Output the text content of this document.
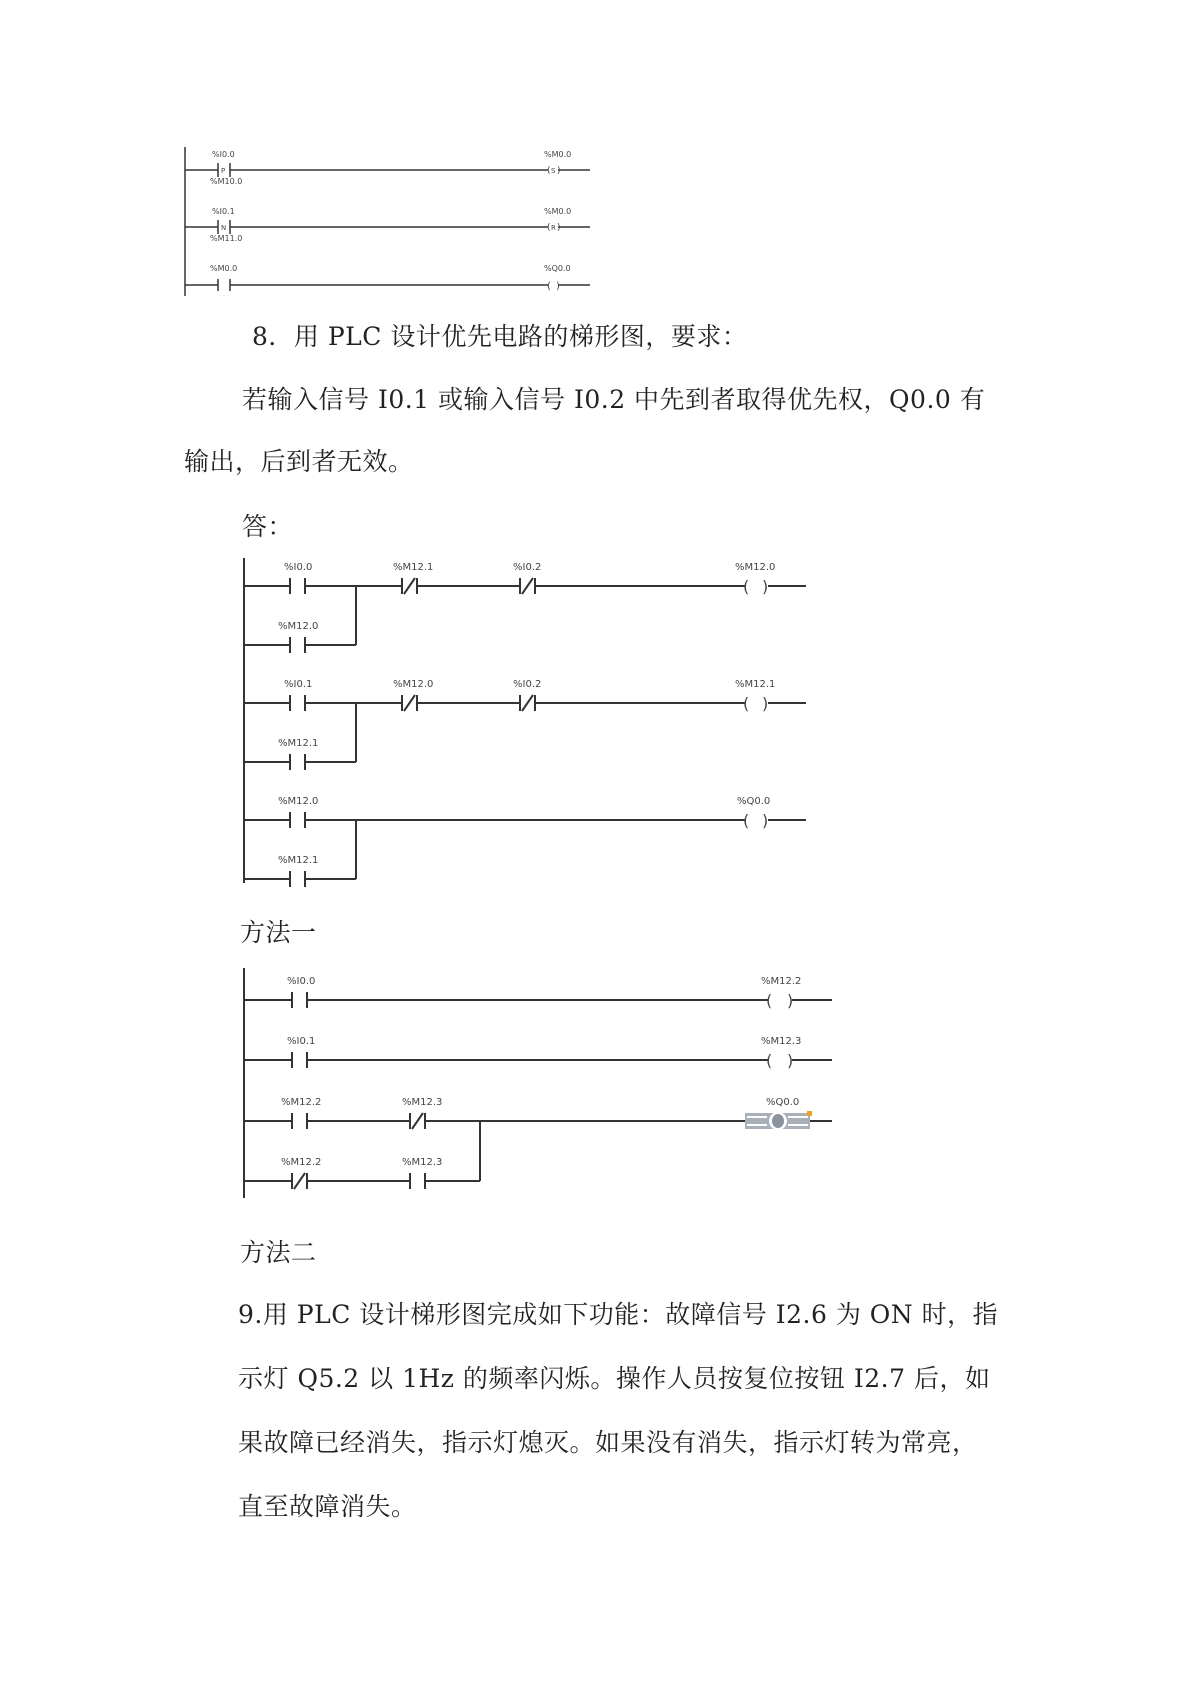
%I0.0
P
%M10.0
%M0.0
( S )
%I0.1
N
%M11.0
%M0.0
( R )
%M0.0	%Q0.0
( )
%I0.0	%M12.1	%I0.2	%M12.0
( )
%M12.0
%I0.1	%M12.0	%I0.2	%M12.1
( )
%M12.1
%M12.0	%Q0.0
( )
%M12.1
%I0.0	%M12.2
( )
%I0.1	%M12.3
( )
%M12.2	%M12.3	%Q0.0
%M12.2	%M12.3
8．用 PLC 设计优先电路的梯形图，要求：
若输入信号 I0.1 或输入信号 I0.2 中先到者取得优先权，Q0.0 有
输出，后到者无效。
答：
方法一
方法二
9.用 PLC 设计梯形图完成如下功能：故障信号 I2.6 为 ON 时，指
示灯 Q5.2 以 1Hz 的频率闪烁。操作人员按复位按钮 I2.7 后，如
果故障已经消失，指示灯熄灭。如果没有消失，指示灯转为常亮，
直至故障消失。
